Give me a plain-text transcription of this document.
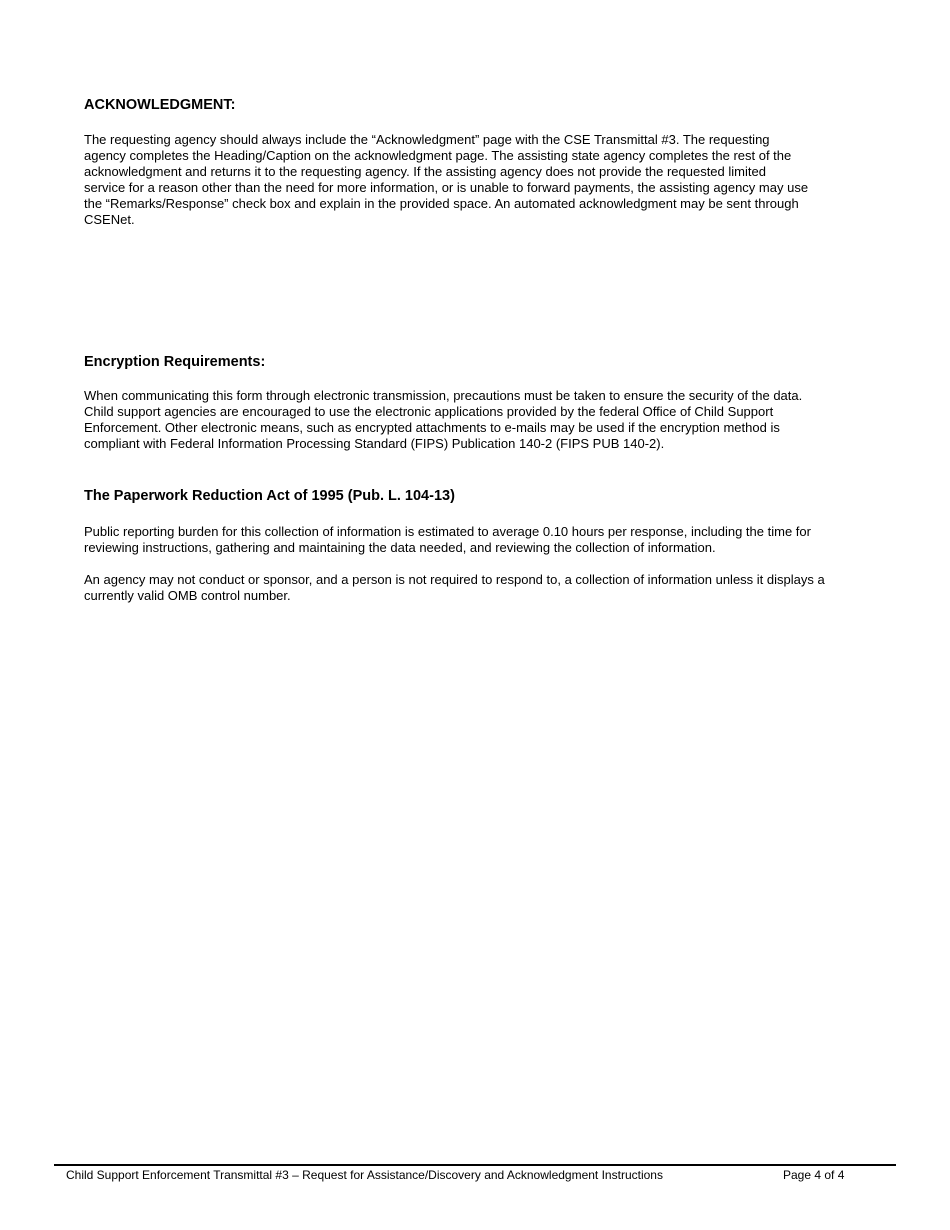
ACKNOWLEDGMENT:

The requesting agency should always include the “Acknowledgment” page with the CSE Transmittal #3. The requesting
agency completes the Heading/Caption on the acknowledgment page. The assisting state agency completes the rest of the
acknowledgment and returns it to the requesting agency. If the assisting agency does not provide the requested limited
service for a reason other than the need for more information, or is unable to forward payments, the assisting agency may use
the “Remarks/Response” check box and explain in the provided space. An automated acknowledgment may be sent through
CSENet.

Encryption Requirements:

When communicating this form through electronic transmission, precautions must be taken to ensure the security of the data.
Child support agencies are encouraged to use the electronic applications provided by the federal Office of Child Support
Enforcement. Other electronic means, such as encrypted attachments to e-mails may be used if the encryption method is
compliant with Federal Information Processing Standard (FIPS) Publication 140-2 (FIPS PUB 140-2).

The Paperwork Reduction Act of 1995 (Pub. L. 104-13)

Public reporting burden for this collection of information is estimated to average 0.10 hours per response, including the time for
reviewing instructions, gathering and maintaining the data needed, and reviewing the collection of information.

An agency may not conduct or sponsor, and a person is not required to respond to, a collection of information unless it displays a
currently valid OMB control number.

Child Support Enforcement Transmittal #3 – Request for Assistance/Discovery and Acknowledgment Instructions	Page 4 of 4
